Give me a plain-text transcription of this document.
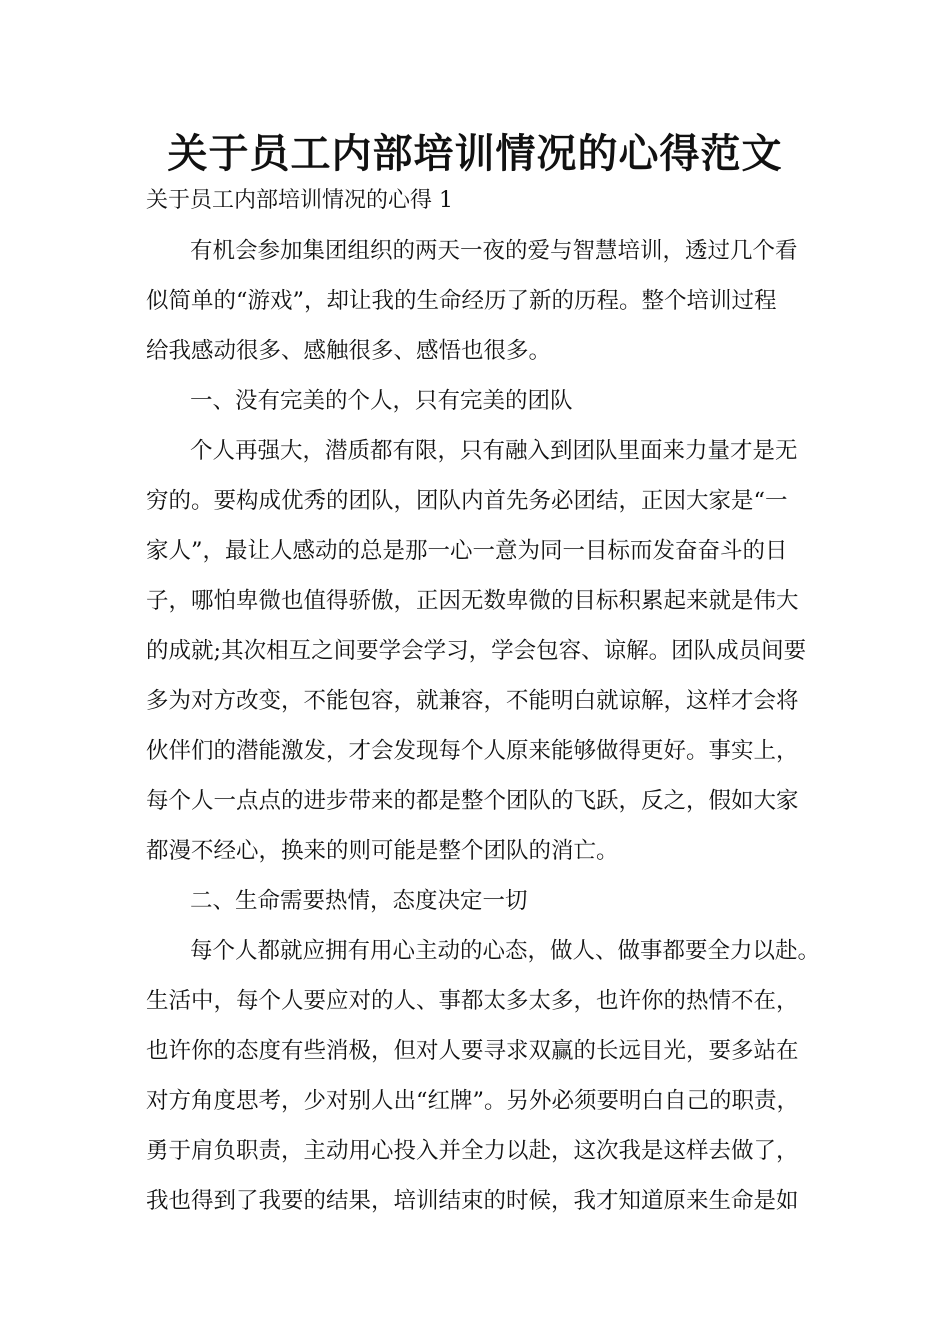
关于员工内部培训情况的心得范文
关于员工内部培训情况的心得 1
有机会参加集团组织的两天一夜的爱与智慧培训，透过几个看
似简单的“游戏”，却让我的生命经历了新的历程。整个培训过程
给我感动很多、感触很多、感悟也很多。
一、没有完美的个人，只有完美的团队
个人再强大，潜质都有限，只有融入到团队里面来力量才是无
穷的。要构成优秀的团队，团队内首先务必团结，正因大家是“一
家人”，最让人感动的总是那一心一意为同一目标而发奋奋斗的日
子，哪怕卑微也值得骄傲，正因无数卑微的目标积累起来就是伟大
的成就;其次相互之间要学会学习，学会包容、谅解。团队成员间要
多为对方改变，不能包容，就兼容，不能明白就谅解，这样才会将
伙伴们的潜能激发，才会发现每个人原来能够做得更好。事实上，
每个人一点点的进步带来的都是整个团队的飞跃，反之，假如大家
都漫不经心，换来的则可能是整个团队的消亡。
二、生命需要热情，态度决定一切
每个人都就应拥有用心主动的心态，做人、做事都要全力以赴。
生活中，每个人要应对的人、事都太多太多，也许你的热情不在，
也许你的态度有些消极，但对人要寻求双赢的长远目光，要多站在
对方角度思考，少对别人出“红牌”。另外必须要明白自己的职责，
勇于肩负职责，主动用心投入并全力以赴，这次我是这样去做了，
我也得到了我要的结果，培训结束的时候，我才知道原来生命是如
